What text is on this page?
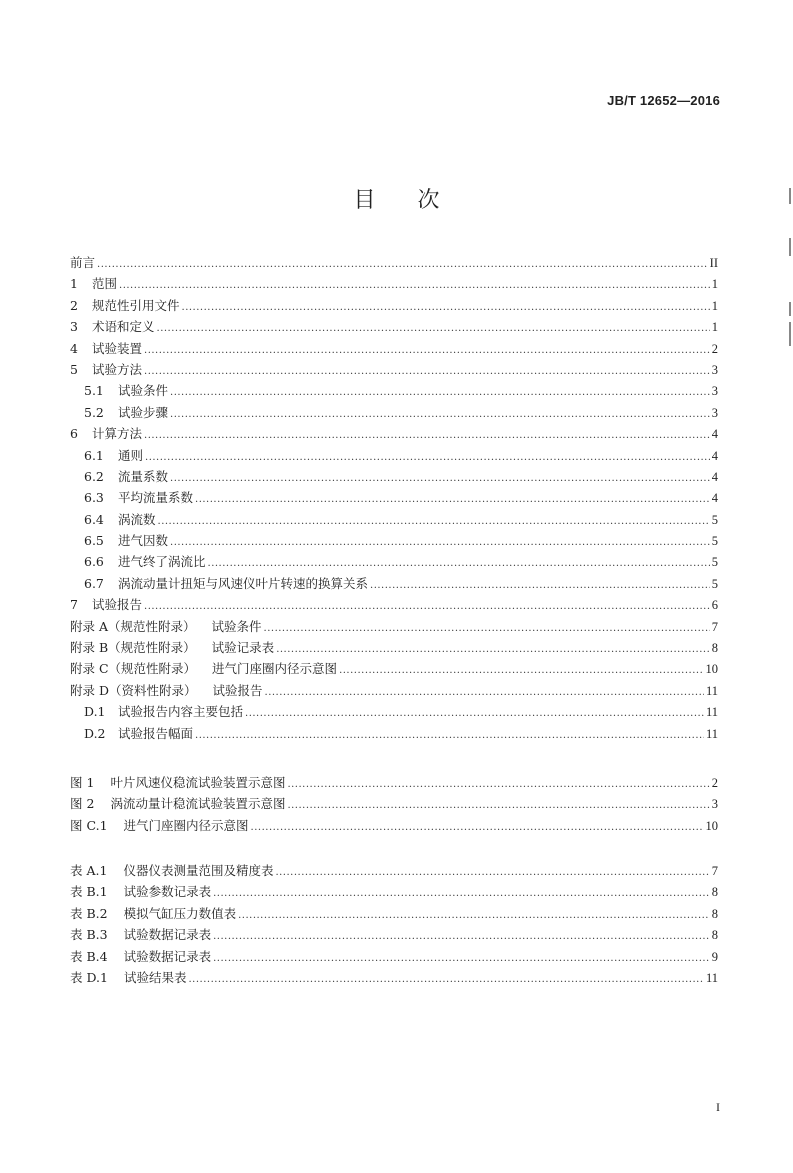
JB/T 12652—2016
目 次
前言 .....	II
1 范围 .....	1
2 规范性引用文件 .....	1
3 术语和定义 .....	1
4 试验装置 .....	2
5 试验方法 .....	3
5.1 试验条件 .....	3
5.2 试验步骤 .....	3
6 计算方法 .....	4
6.1 通则 .....	4
6.2 流量系数 .....	4
6.3 平均流量系数 .....	4
6.4 涡流数 .....	5
6.5 进气因数 .....	5
6.6 进气终了涡流比 .....	5
6.7 涡流动量计扭矩与风速仪叶片转速的换算关系 .....	5
7 试验报告 .....	6
附录 A（规范性附录） 试验条件 .....	7
附录 B（规范性附录） 试验记录表 .....	8
附录 C（规范性附录） 进气门座圈内径示意图 .....	10
附录 D（资料性附录） 试验报告 .....	11
D.1 试验报告内容主要包括 .....	11
D.2 试验报告幅面 .....	11
图 1 叶片风速仪稳流试验装置示意图 .....	2
图 2 涡流动量计稳流试验装置示意图 .....	3
图 C.1 进气门座圈内径示意图 .....	10
表 A.1 仪器仪表测量范围及精度表 .....	7
表 B.1 试验参数记录表 .....	8
表 B.2 模拟气缸压力数值表 .....	8
表 B.3 试验数据记录表 .....	8
表 B.4 试验数据记录表 .....	9
表 D.1 试验结果表 .....	11
I
